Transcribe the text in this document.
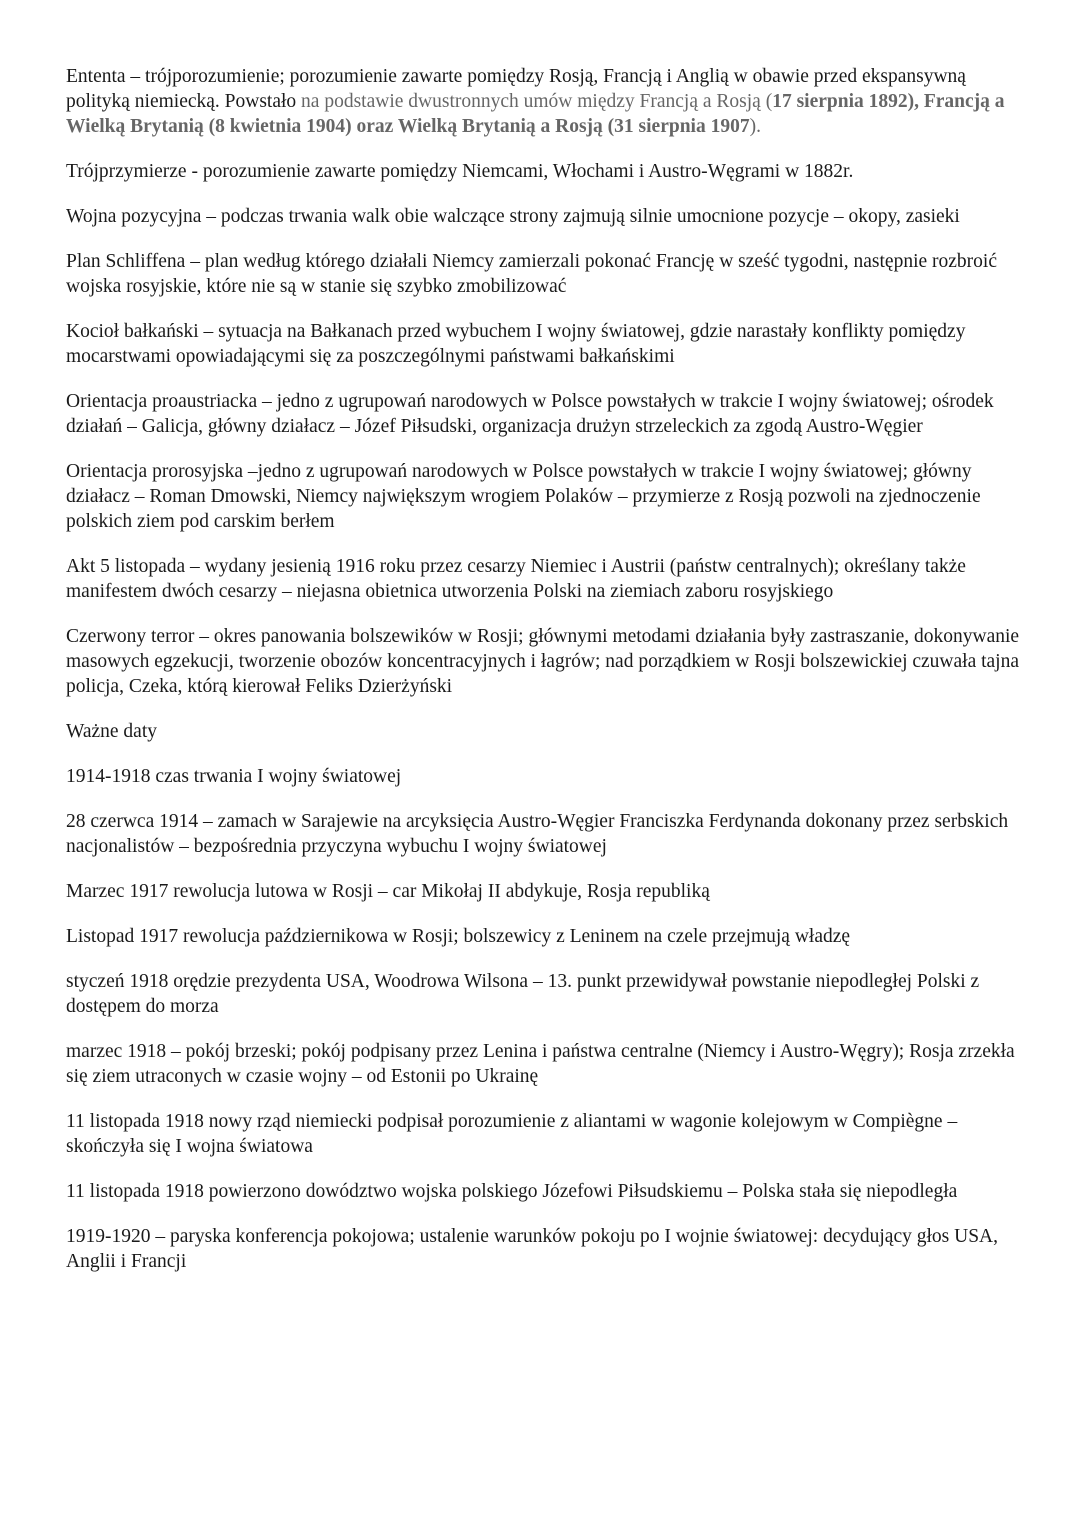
Ententa – trójporozumienie; porozumienie zawarte pomiędzy Rosją, Francją i Anglią w obawie przed ekspansywną polityką niemiecką. Powstało na podstawie dwustronnych umów między Francją a Rosją (17 sierpnia 1892), Francją a Wielką Brytanią (8 kwietnia 1904) oraz Wielką Brytanią a Rosją (31 sierpnia 1907).

Trójprzymierze - porozumienie zawarte pomiędzy Niemcami, Włochami i Austro-Węgrami w 1882r.

Wojna pozycyjna – podczas trwania walk obie walczące strony zajmują silnie umocnione pozycje – okopy, zasieki

Plan Schliffena – plan według którego działali Niemcy zamierzali pokonać Francję w sześć tygodni, następnie rozbroić wojska rosyjskie, które nie są w stanie się szybko zmobilizować

Kocioł bałkański – sytuacja na Bałkanach przed wybuchem I wojny światowej, gdzie narastały konflikty pomiędzy mocarstwami opowiadającymi się za poszczególnymi państwami bałkańskimi

Orientacja proaustriacka – jedno z ugrupowań narodowych w Polsce powstałych w trakcie I wojny światowej; ośrodek działań – Galicja, główny działacz – Józef Piłsudski, organizacja drużyn strzeleckich za zgodą Austro-Węgier

Orientacja prorosyjska –jedno z ugrupowań narodowych w Polsce powstałych w trakcie I wojny światowej; główny działacz – Roman Dmowski, Niemcy największym wrogiem Polaków – przymierze z Rosją pozwoli na zjednoczenie polskich ziem pod carskim berłem

Akt 5 listopada – wydany jesienią 1916 roku przez cesarzy Niemiec i Austrii (państw centralnych); określany także manifestem dwóch cesarzy – niejasna obietnica utworzenia Polski na ziemiach zaboru rosyjskiego

Czerwony terror – okres panowania bolszewików w Rosji; głównymi metodami działania były zastraszanie, dokonywanie masowych egzekucji, tworzenie obozów koncentracyjnych i łagrów; nad porządkiem w Rosji bolszewickiej czuwała tajna policja, Czeka, którą kierował Feliks Dzierżyński

Ważne daty

1914-1918 czas trwania I wojny światowej

28 czerwca 1914 – zamach w Sarajewie na arcyksięcia Austro-Węgier Franciszka Ferdynanda dokonany przez serbskich nacjonalistów – bezpośrednia przyczyna wybuchu I wojny światowej

Marzec 1917 rewolucja lutowa w Rosji – car Mikołaj II abdykuje, Rosja republiką

Listopad 1917 rewolucja październikowa w Rosji; bolszewicy z Leninem na czele przejmują władzę

styczeń 1918 orędzie prezydenta USA, Woodrowa Wilsona – 13. punkt przewidywał powstanie niepodległej Polski z dostępem do morza

marzec 1918 – pokój brzeski; pokój podpisany przez Lenina i państwa centralne (Niemcy i Austro-Węgry); Rosja zrzekła się ziem utraconych w czasie wojny – od Estonii po Ukrainę

11 listopada 1918 nowy rząd niemiecki podpisał porozumienie z aliantami w wagonie kolejowym w Compiègne – skończyła się I wojna światowa

11 listopada 1918 powierzono dowództwo wojska polskiego Józefowi Piłsudskiemu – Polska stała się niepodległa

1919-1920 – paryska konferencja pokojowa; ustalenie warunków pokoju po I wojnie światowej: decydujący głos USA, Anglii i Francji
